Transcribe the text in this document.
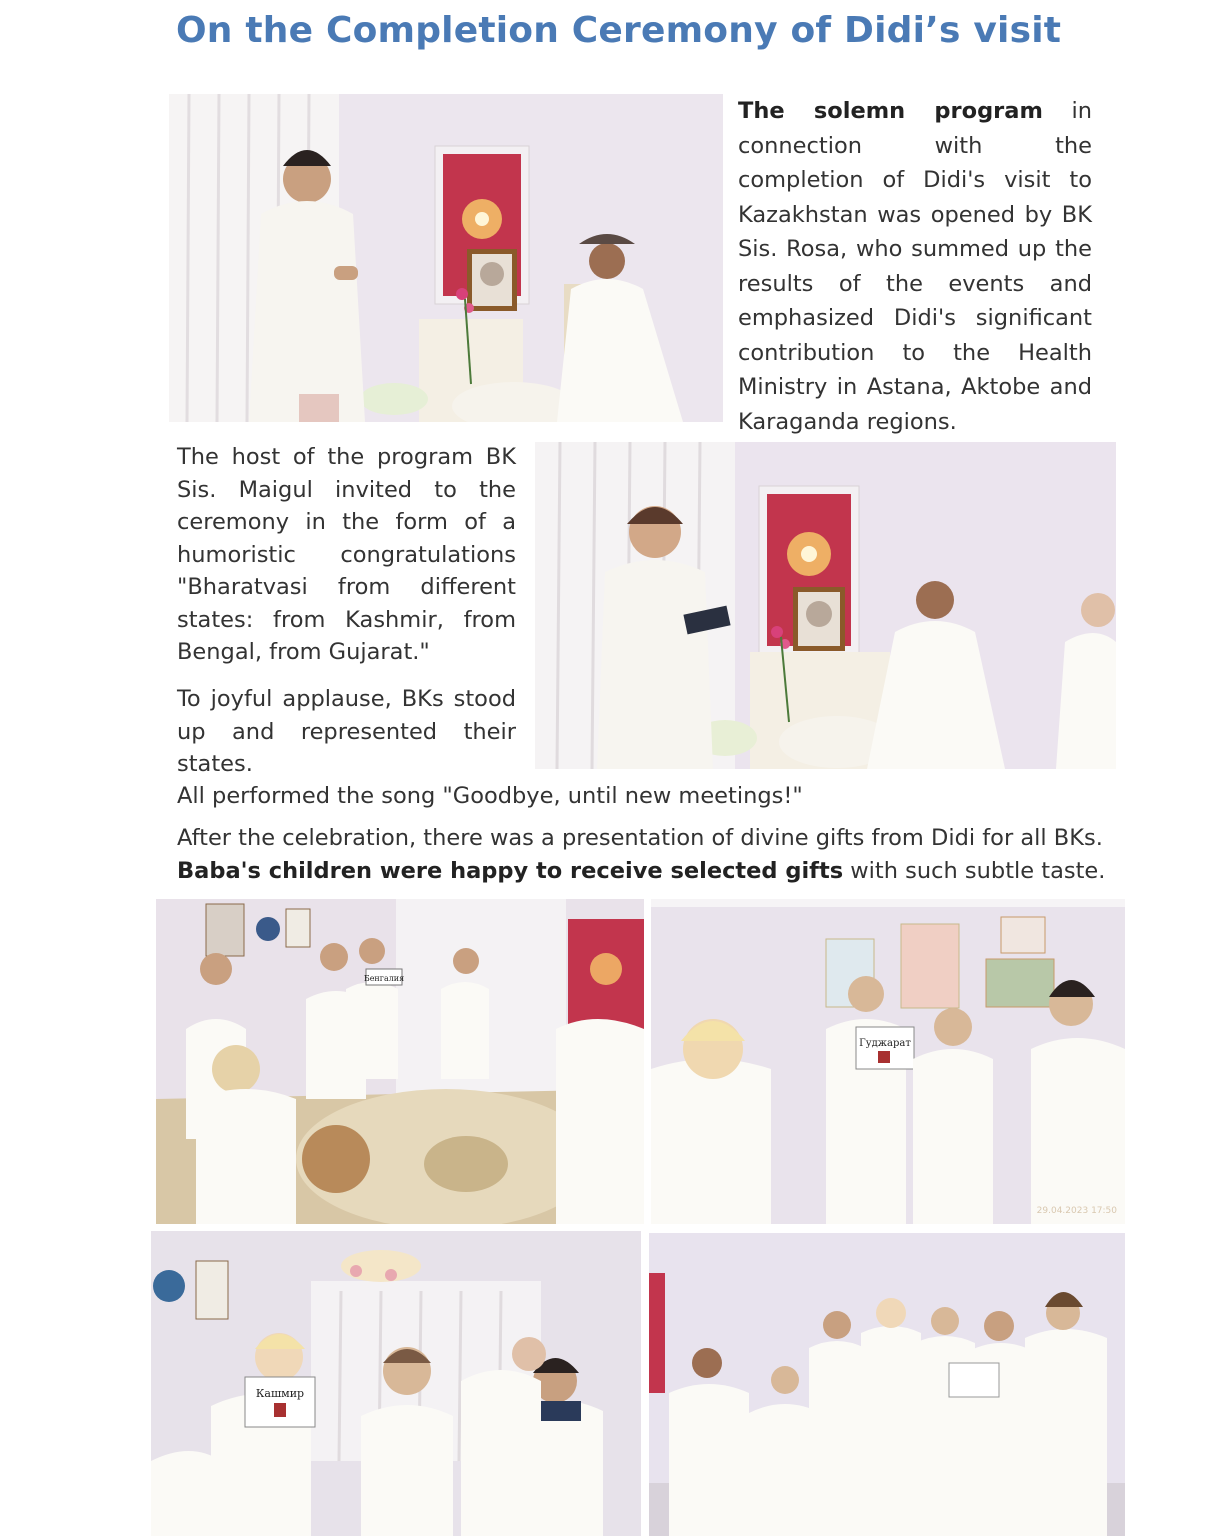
On the Completion Ceremony of Didi’s visit

The solemn program in connection with the completion of Didi's visit to Kazakhstan was opened by BK Sis. Rosa, who summed up the results of the events and emphasized Didi's significant contribution to the Health Ministry in Astana, Aktobe and Karaganda regions.

The host of the program BK Sis. Maigul invited to the ceremony in the form of a humoristic congratulations "Bharatvasi from different states: from Kashmir, from Bengal, from Gujarat."

To joyful applause, BKs stood up and represented their states.

All performed the song "Goodbye, until new meetings!"

After the celebration, there was a presentation of divine gifts from Didi for all BKs.
Baba's children were happy to receive selected gifts with such subtle taste.

Бенгалия
Гуджарат
29.04.2023 17:50
Кашмир
